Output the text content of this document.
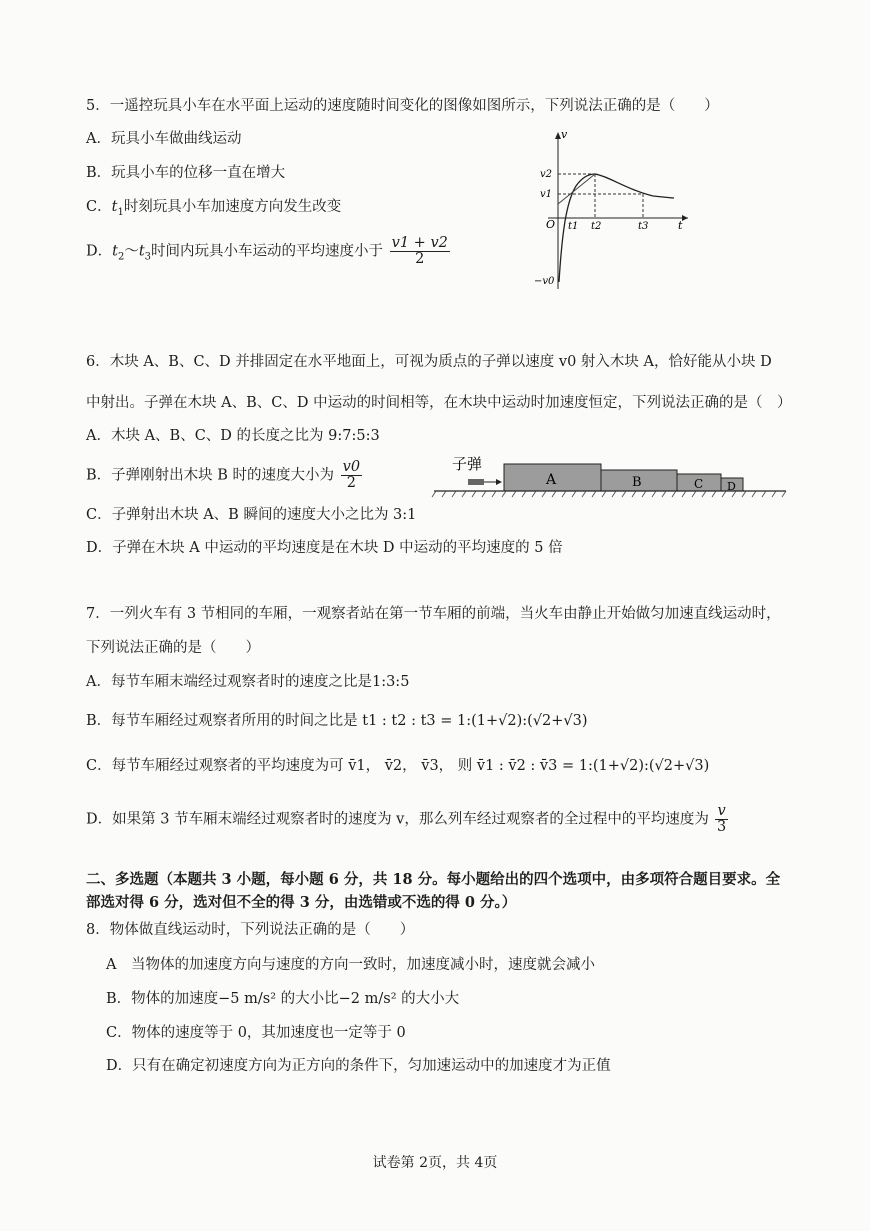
5．一遥控玩具小车在水平面上运动的速度随时间变化的图像如图所示，下列说法正确的是（　　）
A．玩具小车做曲线运动
B．玩具小车的位移一直在增大
C．$t_1$时刻玩具小车加速度方向发生改变
D．$t_2\sim t_3$时间内玩具小车运动的平均速度小于 $\frac{v1 + v2}{2}$
v
v2
v1
O t1 t2	t3	t
−v0
6．木块 A、B、C、D 并排固定在水平地面上，可视为质点的子弹以速度 v0 射入木块 A，恰好能从小块 D
中射出。子弹在木块 A、B、C、D 中运动的时间相等，在木块中运动时加速度恒定，下列说法正确的是（　）
A．木块 A、B、C、D 的长度之比为 9:7:5:3
B．子弹刚射出木块 B 时的速度大小为 $\frac{v0}{2}$
C．子弹射出木块 A、B 瞬间的速度大小之比为 3:1
D．子弹在木块 A 中运动的平均速度是在木块 D 中运动的平均速度的 5 倍
子弹
A	B	C D
7．一列火车有 3 节相同的车厢，一观察者站在第一节车厢的前端，当火车由静止开始做匀加速直线运动时，
下列说法正确的是（　　）
A．每节车厢末端经过观察者时的速度之比是1:3:5
B．每节车厢经过观察者所用的时间之比是 t1 : t2 : t3 = 1:(1+√2):(√2+√3)
C．每节车厢经过观察者的平均速度为可 v̄1， v̄2， v̄3， 则 v̄1 : v̄2 : v̄3 = 1:(1+√2):(√2+√3)
D．如果第 3 节车厢末端经过观察者时的速度为 v，那么列车经过观察者的全过程中的平均速度为 $\frac{v}{3}$
二、多选题（本题共 3 小题，每小题 6 分，共 18 分。每小题给出的四个选项中，由多项符合题目要求。全
部选对得 6 分，选对但不全的得 3 分，由选错或不选的得 0 分。）
8．物体做直线运动时，下列说法正确的是（　　）
A　当物体的加速度方向与速度的方向一致时，加速度减小时，速度就会减小
B．物体的加速度−5 m/s² 的大小比−2 m/s² 的大小大
C．物体的速度等于 0，其加速度也一定等于 0
D．只有在确定初速度方向为正方向的条件下，匀加速运动中的加速度才为正值
试卷第 2页，共 4页
